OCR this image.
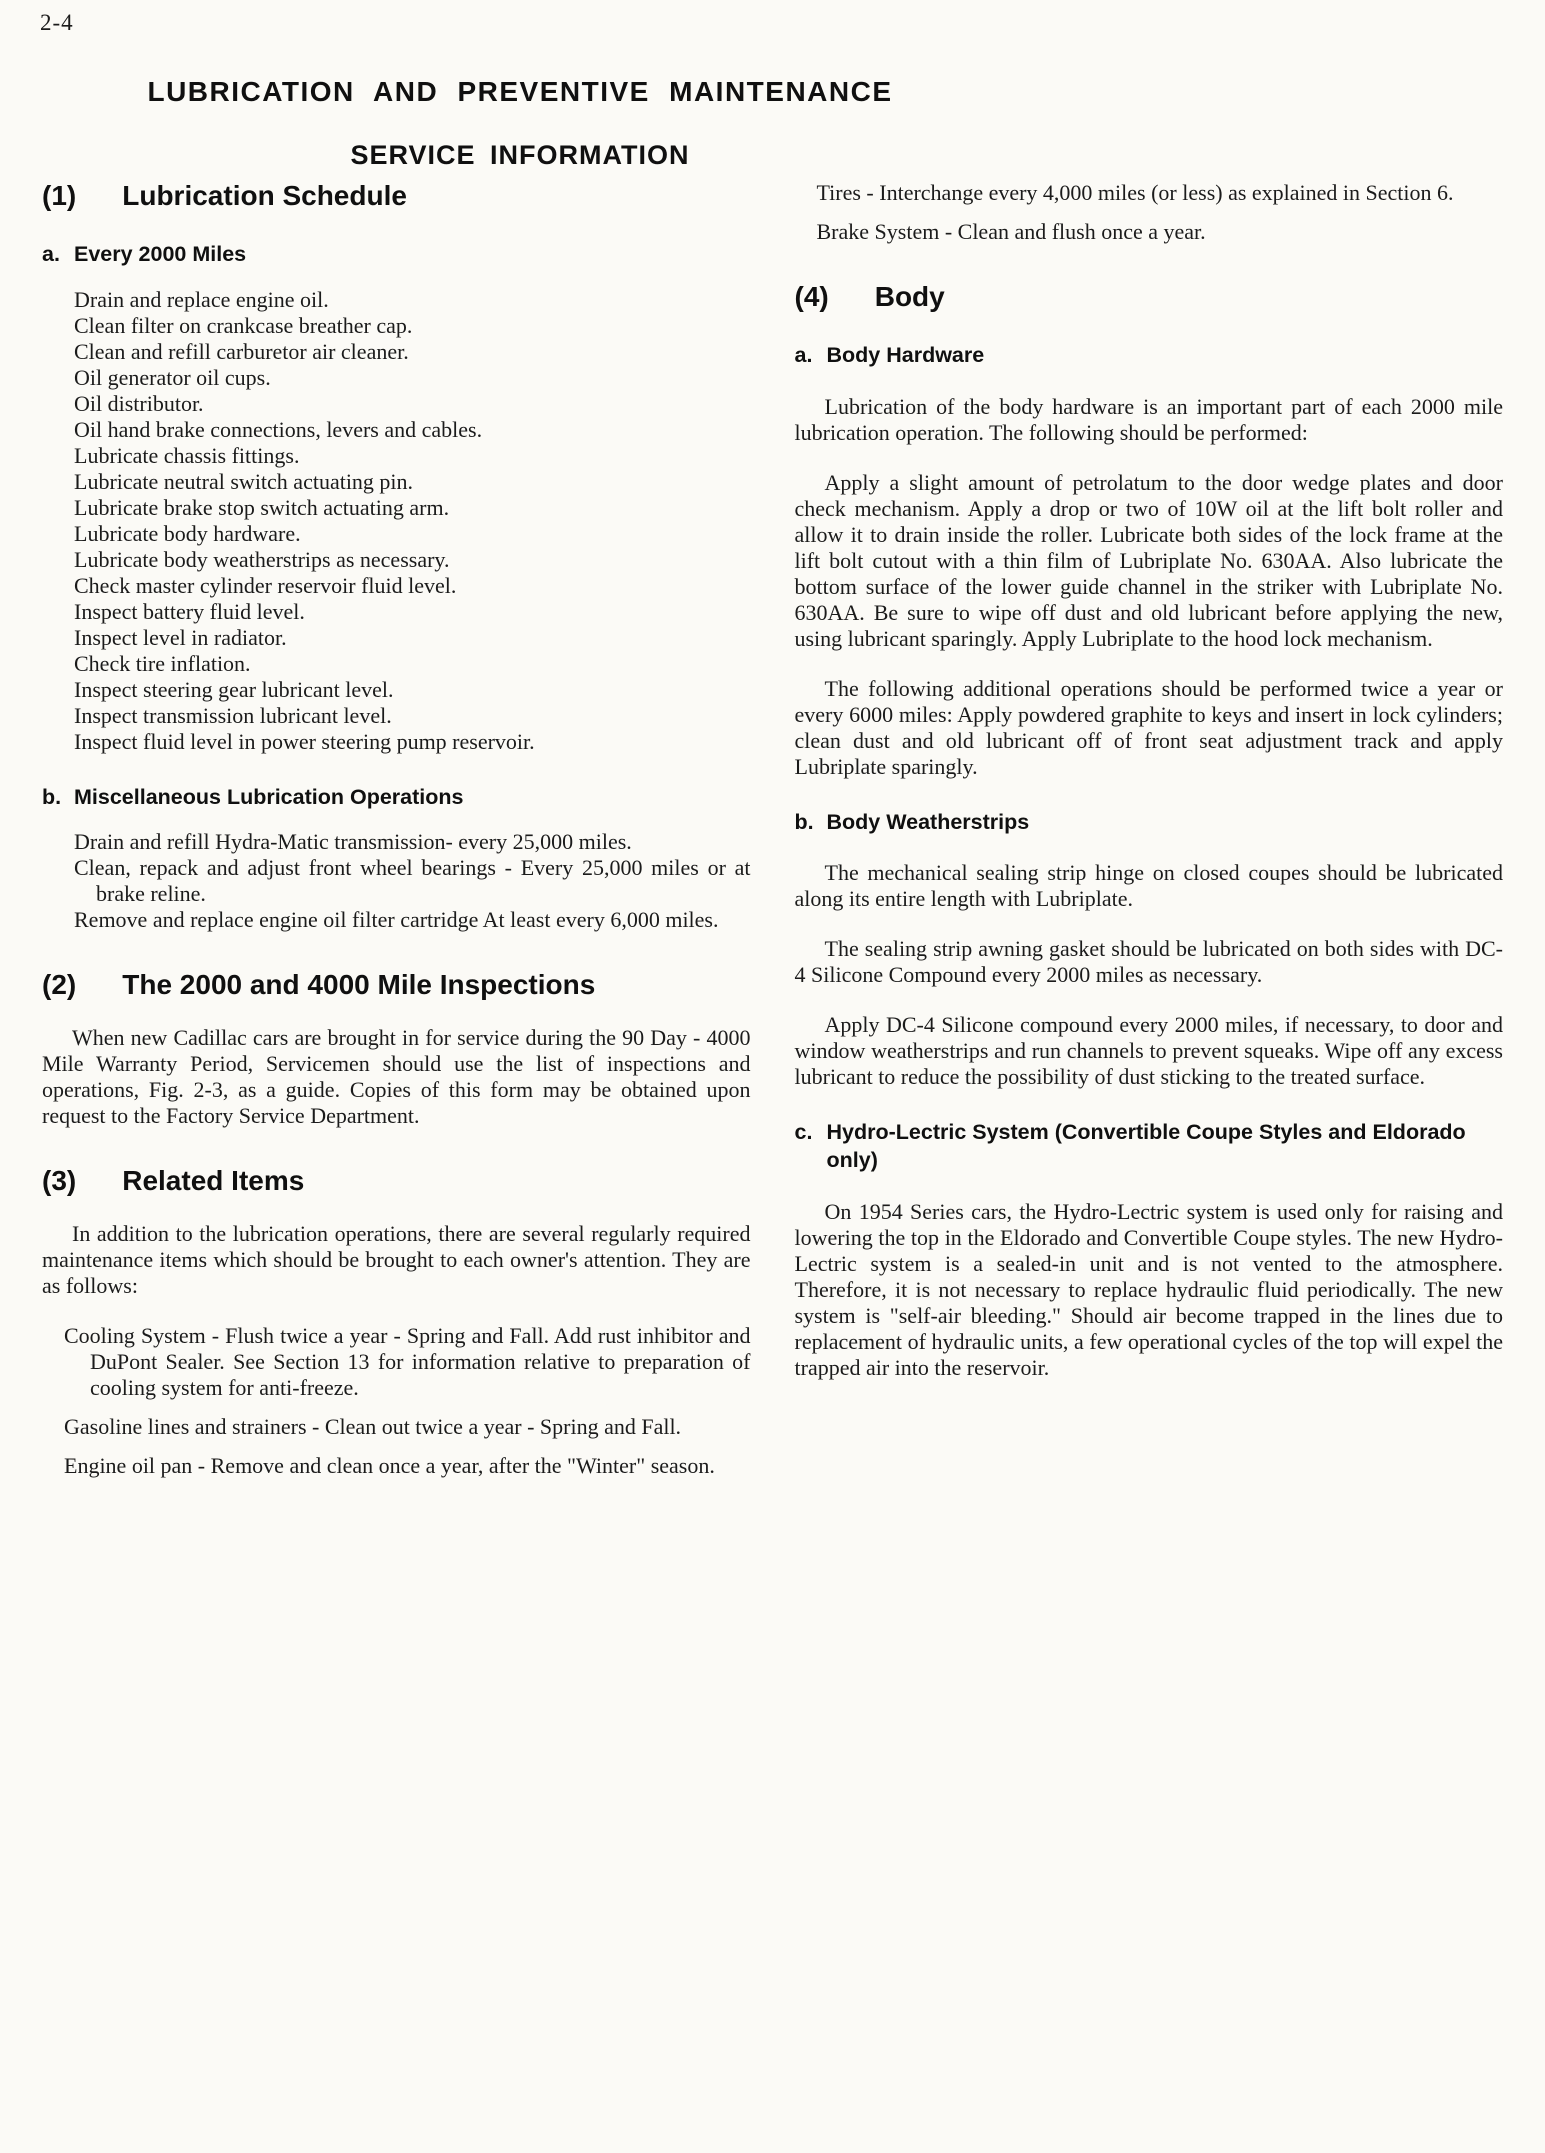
2-4
LUBRICATION AND PREVENTIVE MAINTENANCE
SERVICE INFORMATION
(1) Lubrication Schedule
a. Every 2000 Miles
Drain and replace engine oil.
Clean filter on crankcase breather cap.
Clean and refill carburetor air cleaner.
Oil generator oil cups.
Oil distributor.
Oil hand brake connections, levers and cables.
Lubricate chassis fittings.
Lubricate neutral switch actuating pin.
Lubricate brake stop switch actuating arm.
Lubricate body hardware.
Lubricate body weatherstrips as necessary.
Check master cylinder reservoir fluid level.
Inspect battery fluid level.
Inspect level in radiator.
Check tire inflation.
Inspect steering gear lubricant level.
Inspect transmission lubricant level.
Inspect fluid level in power steering pump reservoir.
b. Miscellaneous Lubrication Operations
Drain and refill Hydra-Matic transmission- every 25,000 miles.
Clean, repack and adjust front wheel bearings - Every 25,000 miles or at brake reline.
Remove and replace engine oil filter cartridge At least every 6,000 miles.
(2) The 2000 and 4000 Mile Inspections

When new Cadillac cars are brought in for service during the 90 Day - 4000 Mile Warranty Period, Servicemen should use the list of inspections and operations, Fig. 2-3, as a guide. Copies of this form may be obtained upon request to the Factory Service Department.

(3) Related Items

In addition to the lubrication operations, there are several regularly required maintenance items which should be brought to each owner's attention. They are as follows:

Cooling System - Flush twice a year - Spring and Fall. Add rust inhibitor and DuPont Sealer. See Section 13 for information relative to preparation of cooling system for anti-freeze.
Gasoline lines and strainers - Clean out twice a year - Spring and Fall.
Engine oil pan - Remove and clean once a year, after the "Winter" season.
Tires - Interchange every 4,000 miles (or less) as explained in Section 6.
Brake System - Clean and flush once a year.
(4) Body
a. Body Hardware

Lubrication of the body hardware is an important part of each 2000 mile lubrication operation. The following should be performed:

Apply a slight amount of petrolatum to the door wedge plates and door check mechanism. Apply a drop or two of 10W oil at the lift bolt roller and allow it to drain inside the roller. Lubricate both sides of the lock frame at the lift bolt cutout with a thin film of Lubriplate No. 630AA. Also lubricate the bottom surface of the lower guide channel in the striker with Lubriplate No. 630AA. Be sure to wipe off dust and old lubricant before applying the new, using lubricant sparingly. Apply Lubriplate to the hood lock mechanism.

The following additional operations should be performed twice a year or every 6000 miles: Apply powdered graphite to keys and insert in lock cylinders; clean dust and old lubricant off of front seat adjustment track and apply Lubriplate sparingly.

b. Body Weatherstrips

The mechanical sealing strip hinge on closed coupes should be lubricated along its entire length with Lubriplate.

The sealing strip awning gasket should be lubricated on both sides with DC-4 Silicone Compound every 2000 miles as necessary.

Apply DC-4 Silicone compound every 2000 miles, if necessary, to door and window weatherstrips and run channels to prevent squeaks. Wipe off any excess lubricant to reduce the possibility of dust sticking to the treated surface.

c. Hydro-Lectric System (Convertible Coupe Styles and Eldorado only)

On 1954 Series cars, the Hydro-Lectric system is used only for raising and lowering the top in the Eldorado and Convertible Coupe styles. The new Hydro-Lectric system is a sealed-in unit and is not vented to the atmosphere. Therefore, it is not necessary to replace hydraulic fluid periodically. The new system is "self-air bleeding." Should air become trapped in the lines due to replacement of hydraulic units, a few operational cycles of the top will expel the trapped air into the reservoir.
